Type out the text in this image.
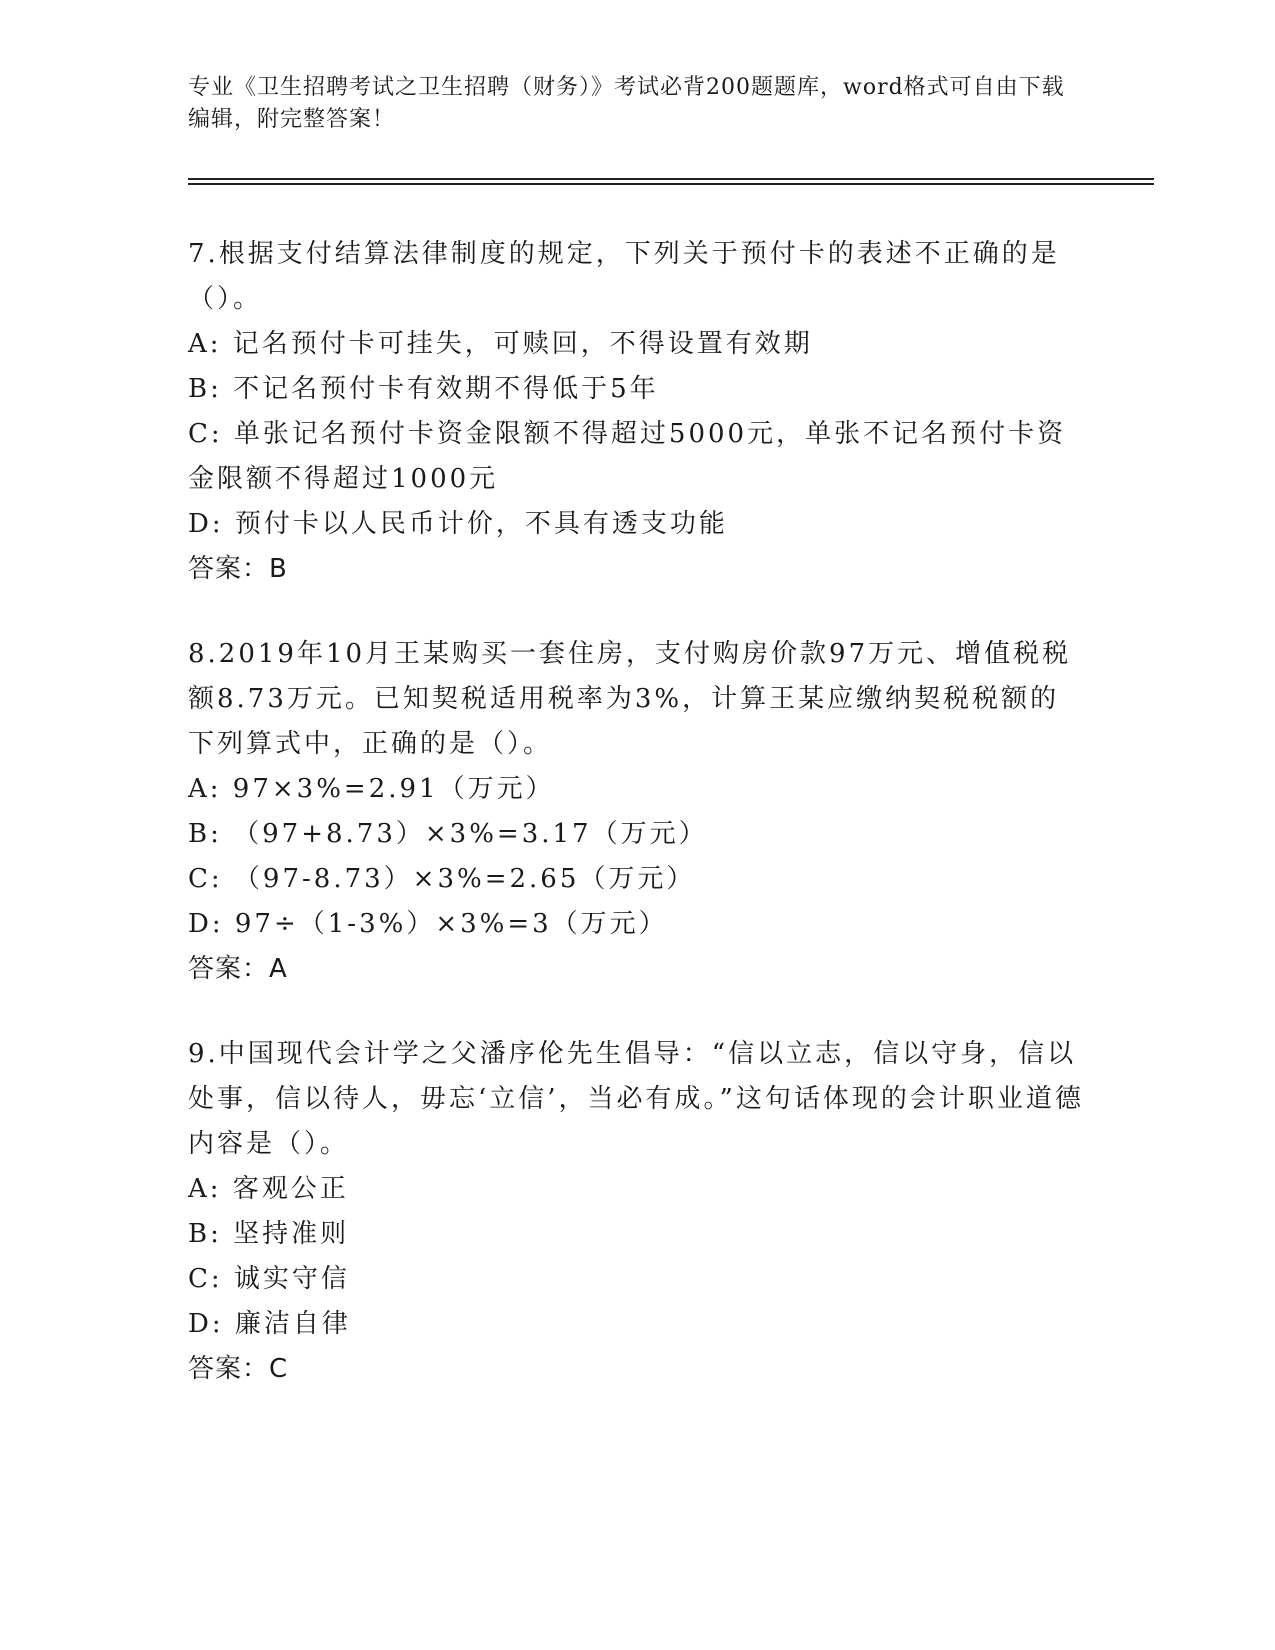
专业《卫生招聘考试之卫生招聘（财务）》考试必背200题题库，word格式可自由下载编辑，附完整答案！

7.根据支付结算法律制度的规定，下列关于预付卡的表述不正确的是（）。

A: 记名预付卡可挂失，可赎回，不得设置有效期

B: 不记名预付卡有效期不得低于5年

C: 单张记名预付卡资金限额不得超过5000元，单张不记名预付卡资金限额不得超过1000元

D: 预付卡以人民币计价，不具有透支功能

答案：B

8.2019年10月王某购买一套住房，支付购房价款97万元、增值税税额8.73万元。已知契税适用税率为3%，计算王某应缴纳契税税额的下列算式中，正确的是（）。

A: 97×3%=2.91（万元）

B: （97+8.73）×3%=3.17（万元）

C: （97-8.73）×3%=2.65（万元）

D: 97÷（1-3%）×3%=3（万元）

答案：A

9.中国现代会计学之父潘序伦先生倡导：“信以立志，信以守身，信以处事，信以待人，毋忘‘立信’，当必有成。”这句话体现的会计职业道德内容是（）。

A: 客观公正

B: 坚持准则

C: 诚实守信

D: 廉洁自律

答案：C
